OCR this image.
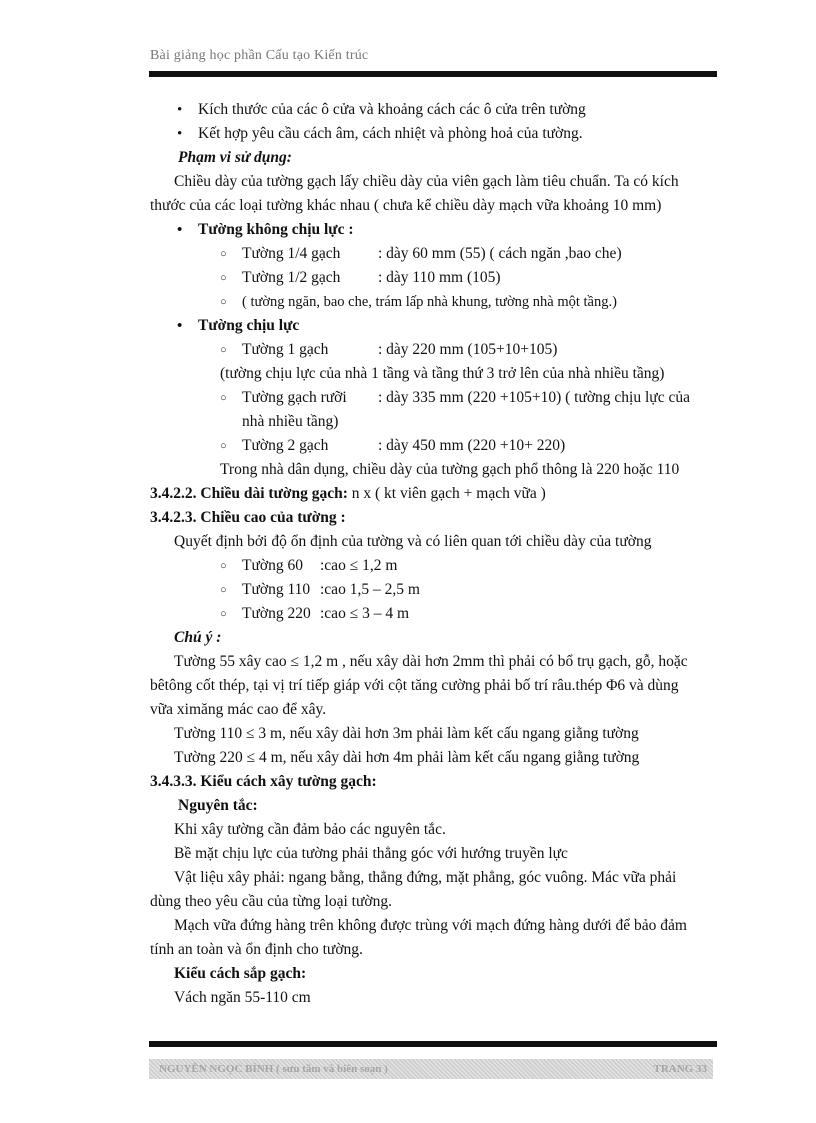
Bài giảng học phần Cấu tạo Kiến trúc
• Kích thước của các ô cửa và khoảng cách các ô cửa trên tường
• Kết hợp yêu cầu cách âm, cách nhiệt và phòng hoả của tường.
Phạm vi sử dụng:
Chiều dày của tường gạch lấy chiều dày của viên gạch làm tiêu chuẩn. Ta có kích
thước của các loại tường khác nhau ( chưa kể chiều dày mạch vữa khoảng 10 mm)
• Tường không chịu lực :
○ Tường 1/4 gạch : dày 60 mm (55) ( cách ngăn ,bao che)
○ Tường 1/2 gạch : dày 110 mm (105)
○ ( tường ngăn, bao che, trám lấp nhà khung, tường nhà một tầng.)
• Tường chịu lực
○ Tường 1 gạch	: dày 220 mm (105+10+105)
(tường chịu lực của nhà 1 tầng và tầng thứ 3 trở lên của nhà nhiều tầng)
○ Tường gạch rưỡi : dày 335 mm (220 +105+10) ( tường chịu lực của
nhà nhiều tầng)
○ Tường 2 gạch	: dày 450 mm (220 +10+ 220)
Trong nhà dân dụng, chiều dày của tường gạch phổ thông là 220 hoặc 110
3.4.2.2. Chiều dài tường gạch: n x ( kt viên gạch + mạch vữa )
3.4.2.3. Chiều cao của tường :
Quyết định bởi độ ổn định của tường và có liên quan tới chiều dày của tường
○ Tường 60 :cao ≤ 1,2 m
○ Tường 110 :cao 1,5 – 2,5 m
○ Tường 220 :cao ≤ 3 – 4 m
Chú ý :
Tường 55 xây cao ≤ 1,2 m , nếu xây dài hơn 2mm thì phải có bổ trụ gạch, gỗ, hoặc
bêtông cốt thép, tại vị trí tiếp giáp với cột tăng cường phải bố trí râu.thép Φ6 và dùng
vữa ximăng mác cao để xây.
Tường 110 ≤ 3 m, nếu xây dài hơn 3m phải làm kết cấu ngang giằng tường
Tường 220 ≤ 4 m, nếu xây dài hơn 4m phải làm kết cấu ngang giằng tường
3.4.3.3. Kiểu cách xây tường gạch:
Nguyên tắc:
Khi xây tường cần đảm bảo các nguyên tắc.
Bề mặt chịu lực của tường phải thẳng góc với hướng truyền lực
Vật liệu xây phải: ngang bằng, thẳng đứng, mặt phẳng, góc vuông. Mác vữa phải
dùng theo yêu cầu của từng loại tường.
Mạch vữa đứng hàng trên không được trùng với mạch đứng hàng dưới để bảo đảm
tính an toàn và ổn định cho tường.
Kiểu cách sắp gạch:
Vách ngăn 55-110 cm
NGUYỄN NGỌC BÌNH ( sưu tầm và biên soạn )	TRANG 33
